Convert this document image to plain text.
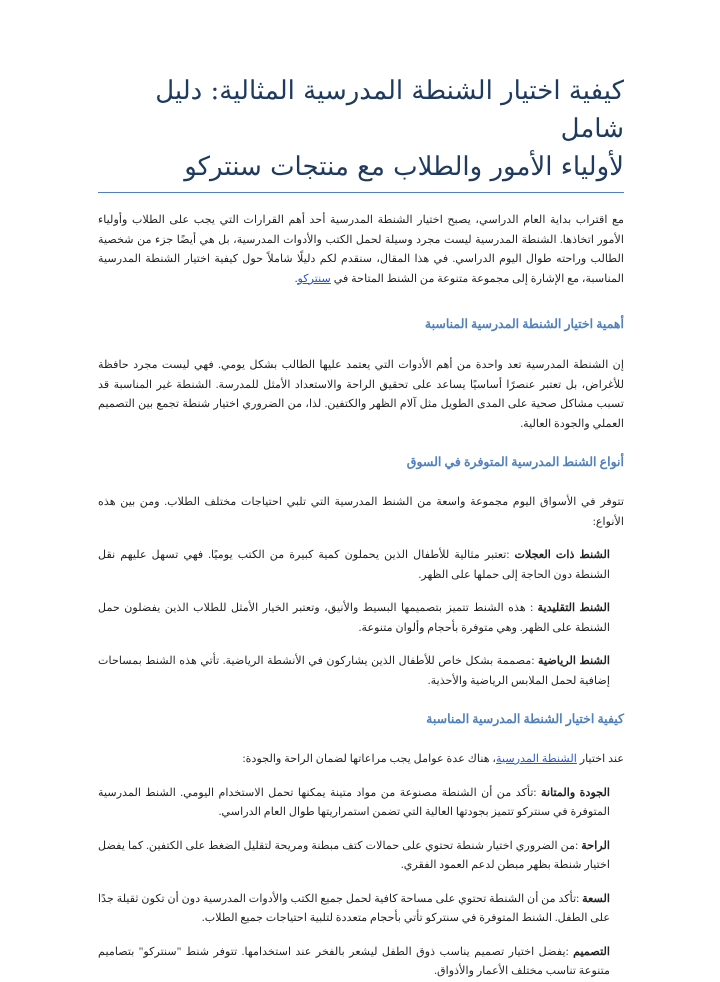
كيفية اختيار الشنطة المدرسية المثالية: دليل شامل
لأولياء الأمور والطلاب مع منتجات سنتركو

مع اقتراب بداية العام الدراسي، يصبح اختيار الشنطة المدرسية أحد أهم القرارات التي يجب على الطلاب وأولياء الأمور اتخاذها. الشنطة المدرسية ليست مجرد وسيلة لحمل الكتب والأدوات المدرسية، بل هي أيضًا جزء من شخصية الطالب وراحته طوال اليوم الدراسي. في هذا المقال، سنقدم لكم دليلًا شاملاً حول كيفية اختيار الشنطة المدرسية المناسبة، مع الإشارة إلى مجموعة متنوعة من الشنط المتاحة في سنتركو.

أهمية اختيار الشنطة المدرسية المناسبة

إن الشنطة المدرسية تعد واحدة من أهم الأدوات التي يعتمد عليها الطالب بشكل يومي. فهي ليست مجرد حافظة للأغراض، بل تعتبر عنصرًا أساسيًا يساعد على تحقيق الراحة والاستعداد الأمثل للمدرسة. الشنطة غير المناسبة قد تسبب مشاكل صحية على المدى الطويل مثل آلام الظهر والكتفين. لذا، من الضروري اختيار شنطة تجمع بين التصميم العملي والجودة العالية.

أنواع الشنط المدرسية المتوفرة في السوق

تتوفر في الأسواق اليوم مجموعة واسعة من الشنط المدرسية التي تلبي احتياجات مختلف الطلاب. ومن بين هذه الأنواع:

الشنط ذات العجلات :تعتبر مثالية للأطفال الذين يحملون كمية كبيرة من الكتب يوميًا. فهي تسهل عليهم نقل الشنطة دون الحاجة إلى حملها على الظهر.

الشنط التقليدية : هذه الشنط تتميز بتصميمها البسيط والأنيق، وتعتبر الخيار الأمثل للطلاب الذين يفضلون حمل الشنطة على الظهر. وهي متوفرة بأحجام وألوان متنوعة.

الشنط الرياضية :مصممة بشكل خاص للأطفال الذين يشاركون في الأنشطة الرياضية. تأتي هذه الشنط بمساحات إضافية لحمل الملابس الرياضية والأحذية.

كيفية اختيار الشنطة المدرسية المناسبة

عند اختيار الشنطة المدرسية، هناك عدة عوامل يجب مراعاتها لضمان الراحة والجودة:

الجودة والمتانة :تأكد من أن الشنطة مصنوعة من مواد متينة يمكنها تحمل الاستخدام اليومي. الشنط المدرسية المتوفرة في سنتركو تتميز بجودتها العالية التي تضمن استمراريتها طوال العام الدراسي.

الراحة :من الضروري اختيار شنطة تحتوي على حمالات كتف مبطنة ومريحة لتقليل الضغط على الكتفين. كما يفضل اختيار شنطة بظهر مبطن لدعم العمود الفقري.

السعة :تأكد من أن الشنطة تحتوي على مساحة كافية لحمل جميع الكتب والأدوات المدرسية دون أن تكون ثقيلة جدًا على الطفل. الشنط المتوفرة في سنتركو تأتي بأحجام متعددة لتلبية احتياجات جميع الطلاب.

التصميم :يفضل اختيار تصميم يناسب ذوق الطفل ليشعر بالفخر عند استخدامها. تتوفر شنط "سنتركو" بتصاميم متنوعة تناسب مختلف الأعمار والأذواق.
